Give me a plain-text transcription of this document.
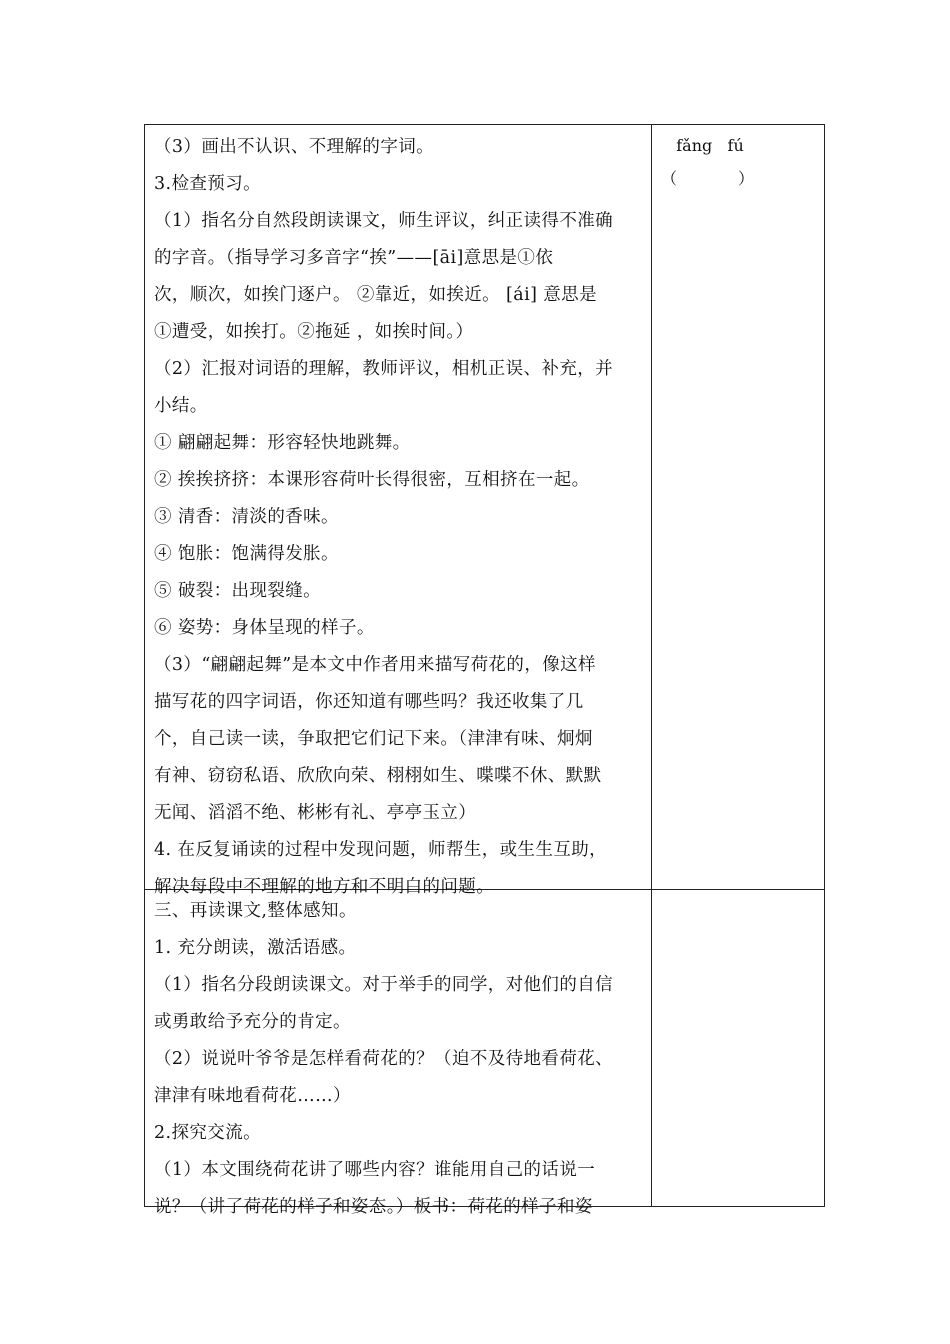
（3）画出不认识、不理解的字词。
3.检查预习。
（1）指名分自然段朗读课文，师生评议，纠正读得不准确
的字音。（指导学习多音字“挨”——[āi]意思是①依
次，顺次，如挨门逐户。 ②靠近，如挨近。 [ái] 意思是
①遭受，如挨打。②拖延 ，如挨时间。）
（2）汇报对词语的理解，教师评议，相机正误、补充，并
小结。
① 翩翩起舞：形容轻快地跳舞。
② 挨挨挤挤：本课形容荷叶长得很密，互相挤在一起。
③ 清香：清淡的香味。
④ 饱胀：饱满得发胀。
⑤ 破裂：出现裂缝。
⑥ 姿势：身体呈现的样子。
（3）“翩翩起舞”是本文中作者用来描写荷花的，像这样
描写花的四字词语，你还知道有哪些吗？我还收集了几
个，自己读一读，争取把它们记下来。（津津有味、炯炯
有神、窃窃私语、欣欣向荣、栩栩如生、喋喋不休、默默
无闻、滔滔不绝、彬彬有礼、亭亭玉立）
4. 在反复诵读的过程中发现问题，师帮生，或生生互助，
解决每段中不理解的地方和不明白的问题。
fǎng   fú
（            ）
三、再读课文,整体感知。
1. 充分朗读，激活语感。
（1）指名分段朗读课文。对于举手的同学，对他们的自信
或勇敢给予充分的肯定。
（2）说说叶爷爷是怎样看荷花的？（迫不及待地看荷花、
津津有味地看荷花……）
2.探究交流。
（1）本文围绕荷花讲了哪些内容？谁能用自己的话说一
说？（讲了荷花的样子和姿态。）板书：荷花的样子和姿
